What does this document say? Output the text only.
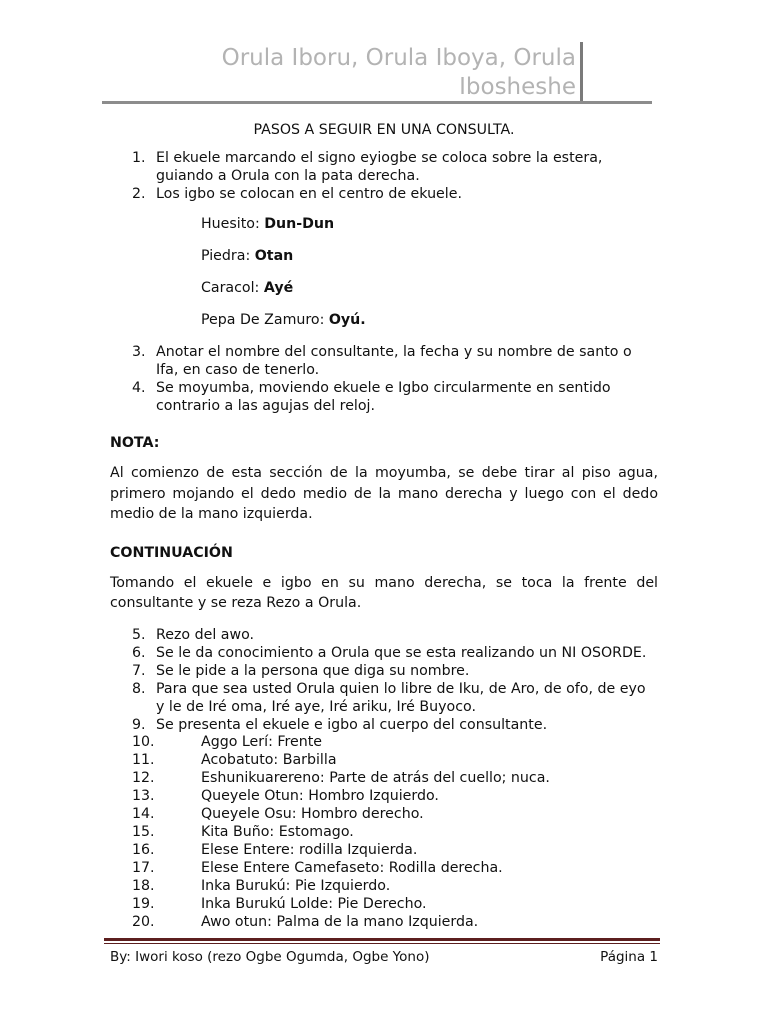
Orula Iboru, Orula Iboya, Orula
Ibosheshe
PASOS A SEGUIR EN UNA CONSULTA.
1. El ekuele marcando el signo eyiogbe se coloca sobre la estera, guiando a Orula con la pata derecha.
2. Los igbo se colocan en el centro de ekuele.
Huesito: Dun-Dun
Piedra: Otan
Caracol: Ayé
Pepa De Zamuro: Oyú.
3. Anotar el nombre del consultante, la fecha y su nombre de santo o Ifa, en caso de tenerlo.
4. Se moyumba, moviendo ekuele e Igbo circularmente en sentido contrario a las agujas del reloj.
NOTA:
Al comienzo de esta sección de la moyumba, se debe tirar al piso agua, primero mojando el dedo medio de la mano derecha y luego con el dedo medio de la mano izquierda.
CONTINUACIÓN
Tomando el ekuele e igbo en su mano derecha, se toca la frente del consultante y se reza Rezo a Orula.
5. Rezo del awo.
6. Se le da conocimiento a Orula que se esta realizando un NI OSORDE.
7. Se le pide a la persona que diga su nombre.
8. Para que sea usted Orula quien lo libre de Iku, de Aro, de ofo, de eyo y le de Iré oma, Iré aye, Iré ariku, Iré Buyoco.
9. Se presenta el ekuele e igbo al cuerpo del consultante.
10.	Aggo Lerí: Frente
11.	Acobatuto: Barbilla
12.	Eshunikuarereno: Parte de atrás del cuello; nuca.
13.	Queyele Otun: Hombro Izquierdo.
14.	Queyele Osu: Hombro derecho.
15.	Kita Buño: Estomago.
16.	Elese Entere: rodilla Izquierda.
17.	Elese Entere Camefaseto: Rodilla derecha.
18.	Inka Burukú: Pie Izquierdo.
19.	Inka Burukú Lolde: Pie Derecho.
20.	Awo otun: Palma de la mano Izquierda.
By: Iwori koso (rezo Ogbe Ogumda, Ogbe Yono)	Página 1
